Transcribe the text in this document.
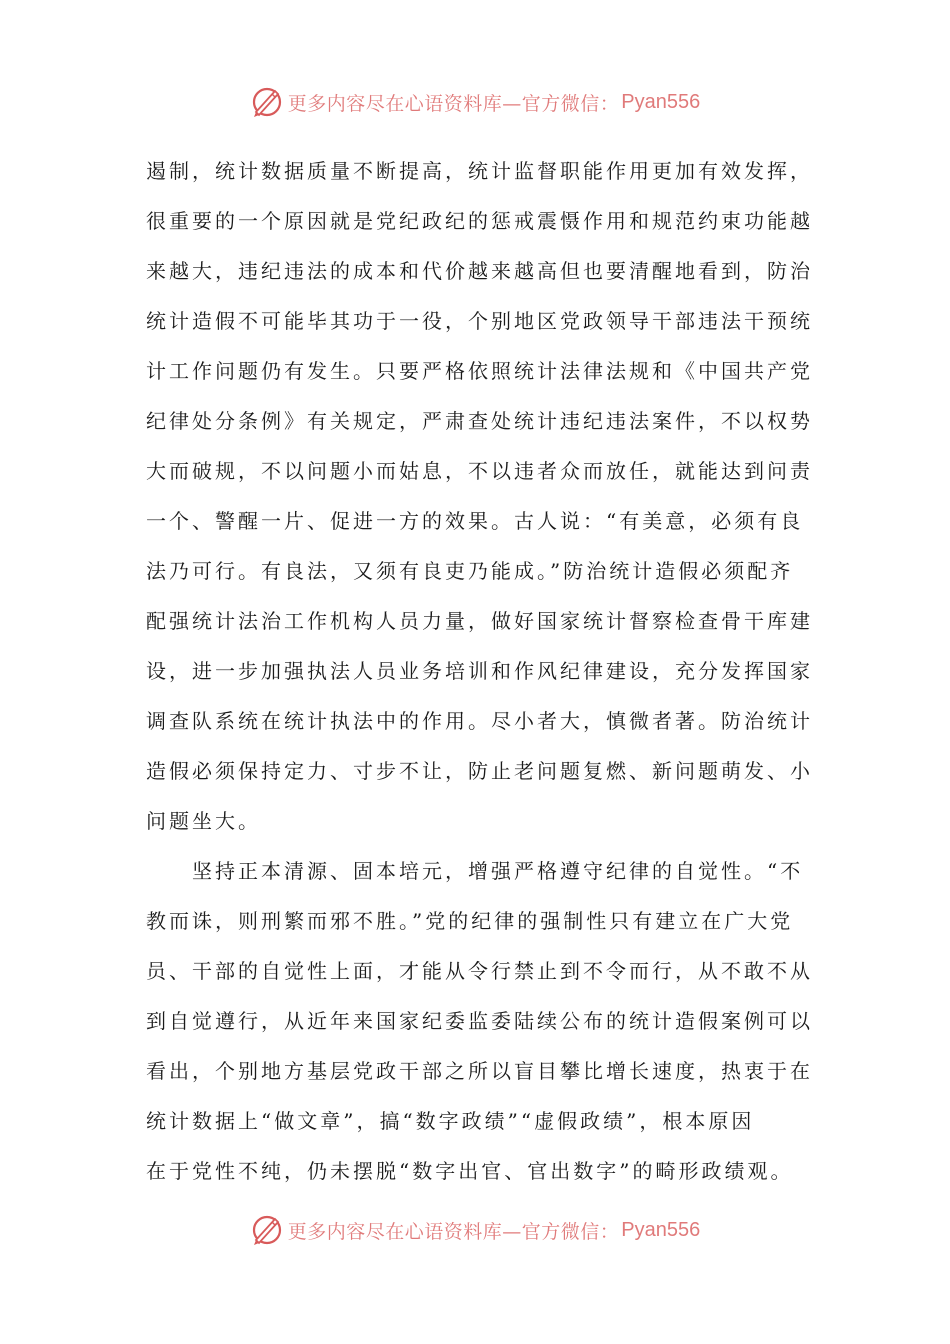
更多内容尽在心语资料库—官方微信： Pyan556
遏制，统计数据质量不断提高，统计监督职能作用更加有效发挥，
很重要的一个原因就是党纪政纪的惩戒震慑作用和规范约束功能越
来越大，违纪违法的成本和代价越来越高但也要清醒地看到，防治
统计造假不可能毕其功于一役，个别地区党政领导干部违法干预统
计工作问题仍有发生。只要严格依照统计法律法规和《中国共产党
纪律处分条例》有关规定，严肃查处统计违纪违法案件，不以权势
大而破规，不以问题小而姑息，不以违者众而放任，就能达到问责
一个、警醒一片、促进一方的效果。古人说：“有美意，必须有良
法乃可行。有良法，又须有良吏乃能成。”防治统计造假必须配齐
配强统计法治工作机构人员力量，做好国家统计督察检查骨干库建
设，进一步加强执法人员业务培训和作风纪律建设，充分发挥国家
调查队系统在统计执法中的作用。尽小者大，慎微者著。防治统计
造假必须保持定力、寸步不让，防止老问题复燃、新问题萌发、小
问题坐大。
　　坚持正本清源、固本培元，增强严格遵守纪律的自觉性。“不
教而诛，则刑繁而邪不胜。”党的纪律的强制性只有建立在广大党
员、干部的自觉性上面，才能从令行禁止到不令而行，从不敢不从
到自觉遵行，从近年来国家纪委监委陆续公布的统计造假案例可以
看出，个别地方基层党政干部之所以盲目攀比增长速度，热衷于在
统计数据上“做文章”，搞“数字政绩”“虚假政绩”，根本原因
在于党性不纯，仍未摆脱“数字出官、官出数字”的畸形政绩观。
更多内容尽在心语资料库—官方微信： Pyan556
